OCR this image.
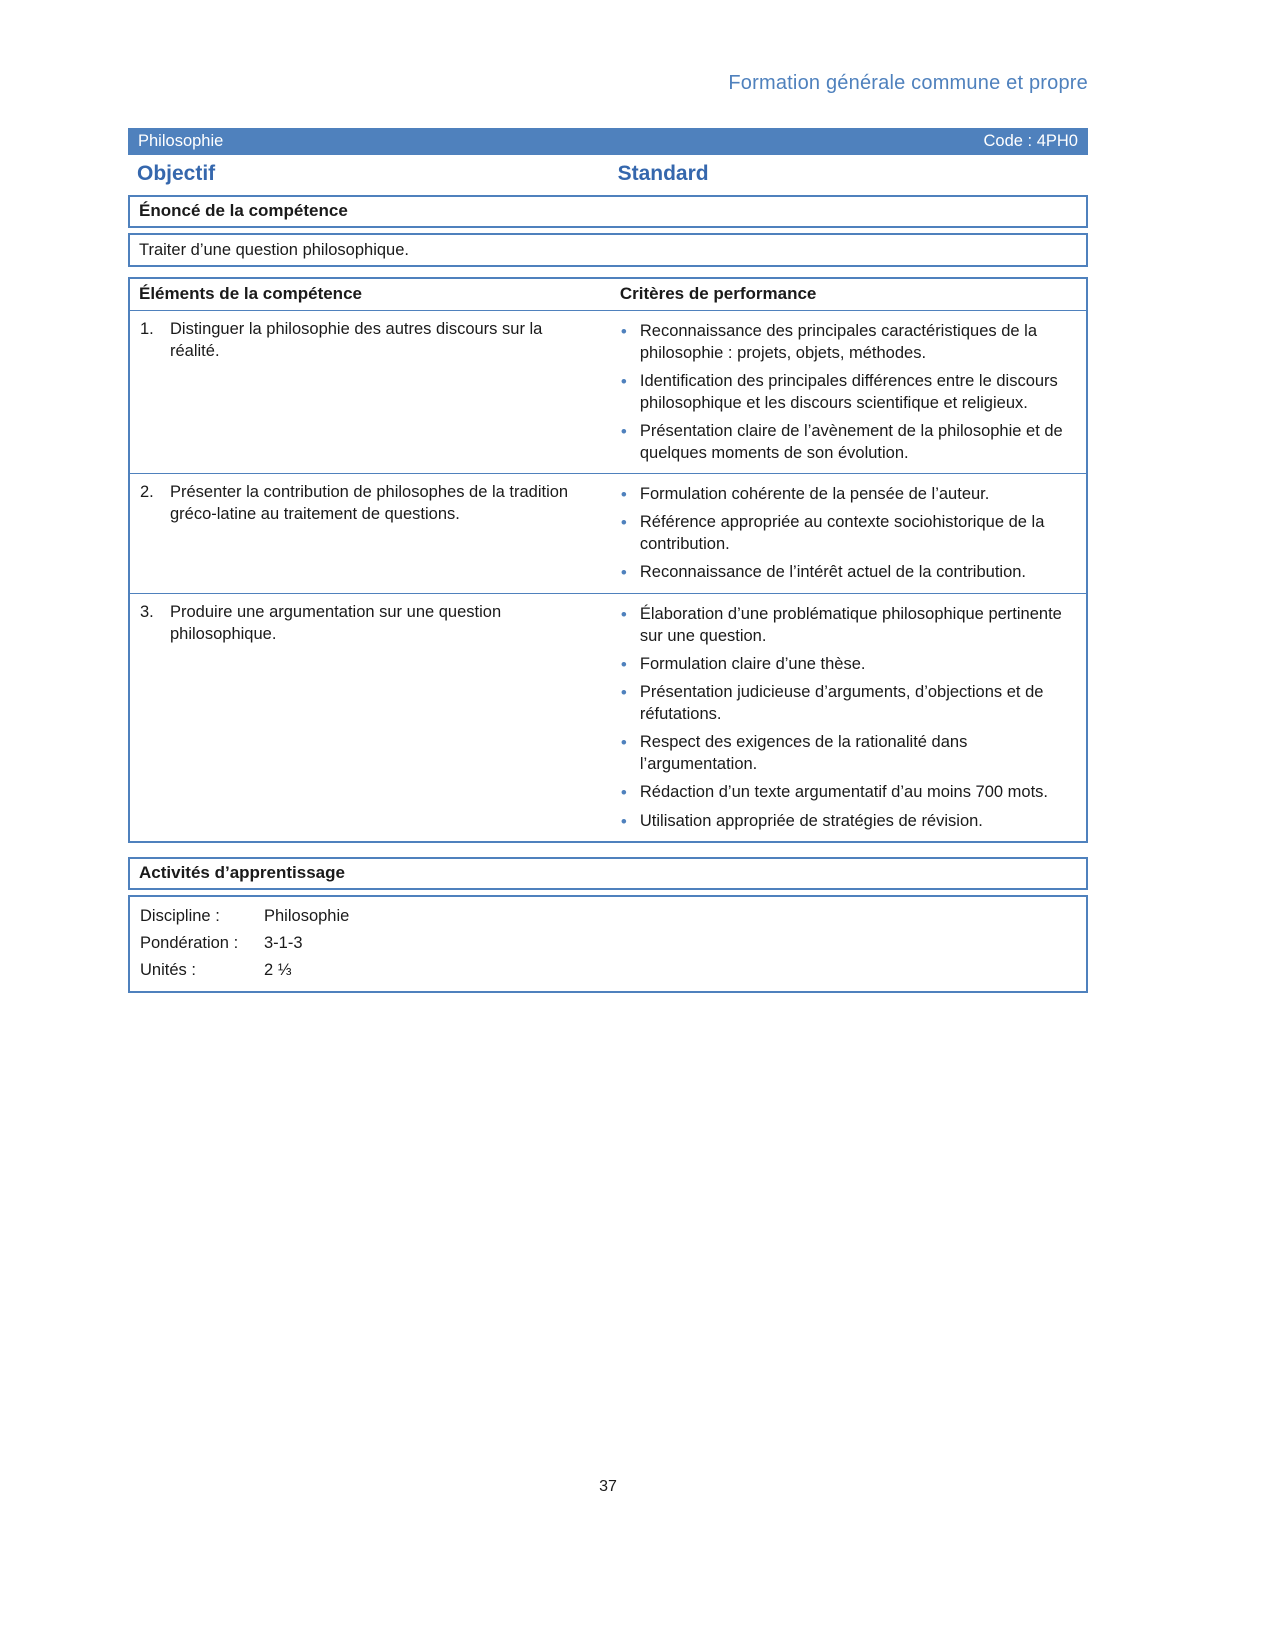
Formation générale commune et propre
Philosophie	Code : 4PH0
Objectif	Standard
Énoncé de la compétence
Traiter d’une question philosophique.
Éléments de la compétence	Critères de performance
1. Distinguer la philosophie des autres discours sur la réalité.
• Reconnaissance des principales caractéristiques de la philosophie : projets, objets, méthodes.
• Identification des principales différences entre le discours philosophique et les discours scientifique et religieux.
• Présentation claire de l’avènement de la philosophie et de quelques moments de son évolution.
2. Présenter la contribution de philosophes de la tradition gréco-latine au traitement de questions.
• Formulation cohérente de la pensée de l’auteur.
• Référence appropriée au contexte sociohistorique de la contribution.
• Reconnaissance de l’intérêt actuel de la contribution.
3. Produire une argumentation sur une question philosophique.
• Élaboration d’une problématique philosophique pertinente sur une question.
• Formulation claire d’une thèse.
• Présentation judicieuse d’arguments, d’objections et de réfutations.
• Respect des exigences de la rationalité dans l’argumentation.
• Rédaction d’un texte argumentatif d’au moins 700 mots.
• Utilisation appropriée de stratégies de révision.
Activités d’apprentissage
Discipline :	Philosophie
Pondération :	3-1-3
Unités :	2 ⅓
37
